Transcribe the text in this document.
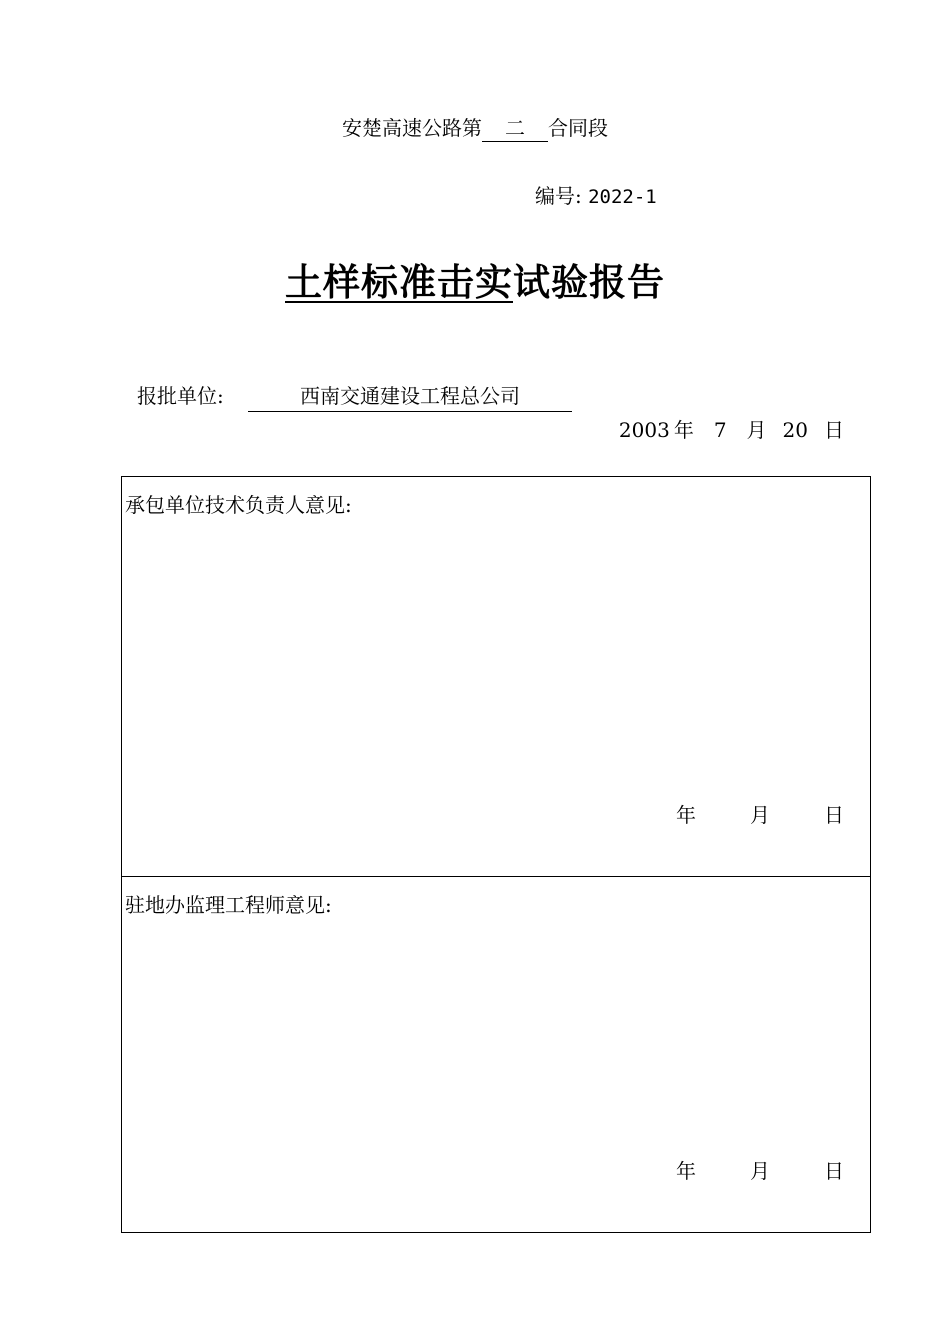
安楚高速公路第 二 合同段
编号: 2022-1
土样标准击实试验报告
报批单位:	西南交通建设工程总公司
2003 年 7 月 20 日
承包单位技术负责人意见:
年	月	日
驻地办监理工程师意见:
年	月	日
